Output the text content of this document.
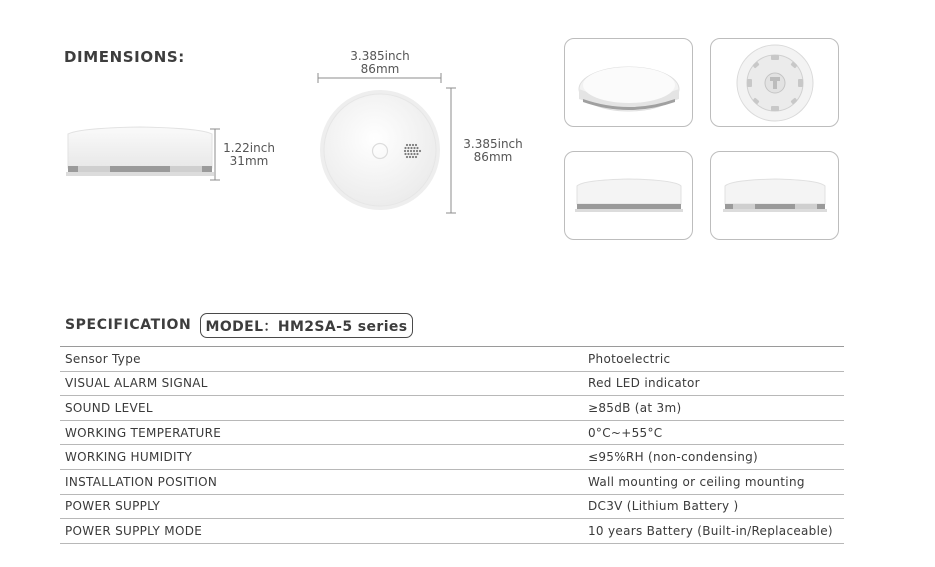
DIMENSIONS:
1.22inch
31mm
3.385inch
86mm
3.385inch
86mm
SPECIFICATION	MODEL：HM2SA-5 series
Sensor Type	Photoelectric
VISUAL ALARM SIGNAL	Red LED indicator
SOUND LEVEL	≥85dB (at 3m)
WORKING TEMPERATURE	0°C~+55°C
WORKING HUMIDITY	≤95%RH (non-condensing)
INSTALLATION POSITION	Wall mounting or ceiling mounting
POWER SUPPLY	DC3V (Lithium Battery )
POWER SUPPLY MODE	10 years Battery (Built-in/Replaceable)
